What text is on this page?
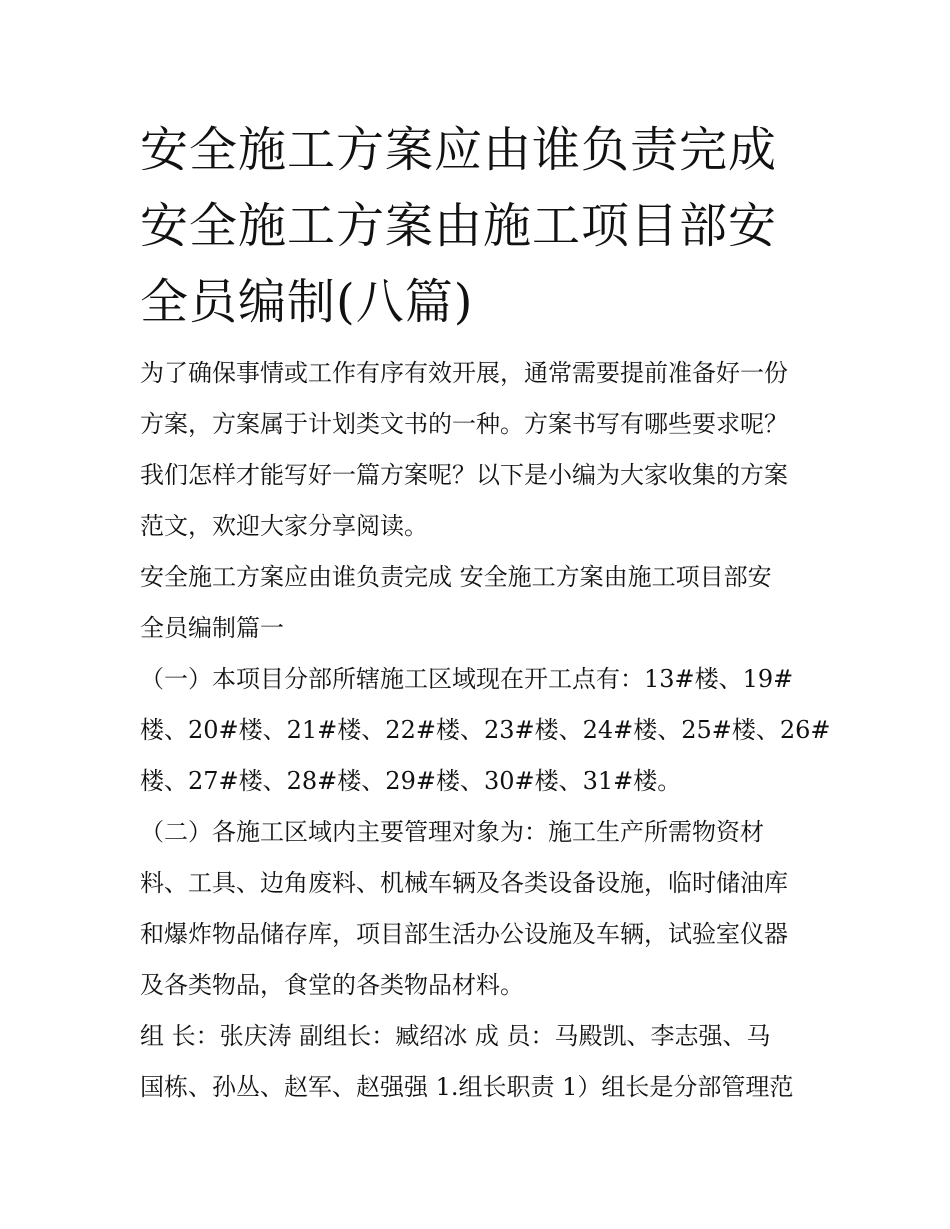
安全施工方案应由谁负责完成
安全施工方案由施工项目部安
全员编制(八篇)

为了确保事情或工作有序有效开展，通常需要提前准备好一份
方案，方案属于计划类文书的一种。方案书写有哪些要求呢？
我们怎样才能写好一篇方案呢？以下是小编为大家收集的方案
范文，欢迎大家分享阅读。

安全施工方案应由谁负责完成 安全施工方案由施工项目部安
全员编制篇一

（一）本项目分部所辖施工区域现在开工点有：13#楼、19#
楼、20#楼、21#楼、22#楼、23#楼、24#楼、25#楼、26#
楼、27#楼、28#楼、29#楼、30#楼、31#楼。

（二）各施工区域内主要管理对象为：施工生产所需物资材
料、工具、边角废料、机械车辆及各类设备设施，临时储油库
和爆炸物品储存库，项目部生活办公设施及车辆，试验室仪器
及各类物品，食堂的各类物品材料。

组 长：张庆涛 副组长：臧绍冰 成 员：马殿凯、李志强、马
国栋、孙丛、赵军、赵强强 1.组长职责 1）组长是分部管理范
